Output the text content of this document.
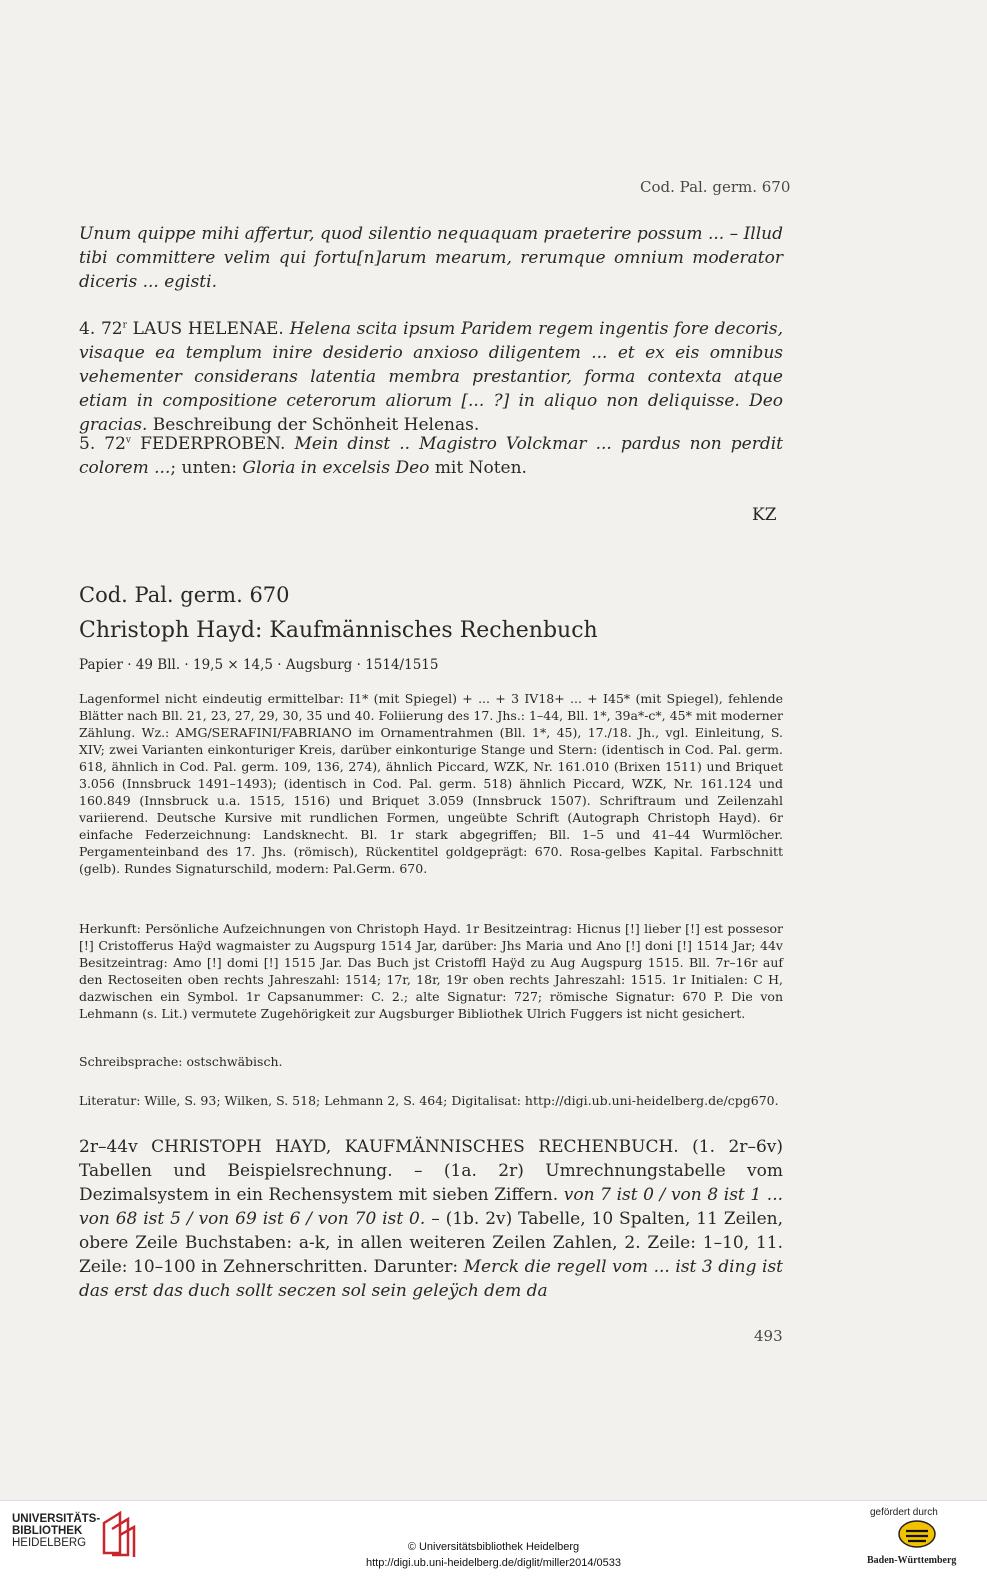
Cod. Pal. germ. 670
Unum quippe mihi affertur, quod silentio nequaquam praeterire possum ... – Illud tibi committere velim qui fortu[n]arum mearum, rerumque omnium moderator diceris ... egisti.
4. 72$^r$ LAUS HELENAE. Helena scita ipsum Paridem regem ingentis fore decoris, visaque ea templum inire desiderio anxioso diligentem ... et ex eis omnibus vehementer considerans latentia membra prestantior, forma contexta atque etiam in compositione ceterorum aliorum [... ?] in aliquo non deliquisse. Deo gracias. Beschreibung der Schönheit Helenas.
5. 72$^v$ FEDERPROBEN. Mein dinst .. Magistro Volckmar ... pardus non perdit colorem ...; unten: Gloria in excelsis Deo mit Noten.
KZ
Cod. Pal. germ. 670
Christoph Hayd: Kaufmännisches Rechenbuch
Papier · 49 Bll. · 19,5 × 14,5 · Augsburg · 1514/1515
Lagenformel nicht eindeutig ermittelbar: I1* (mit Spiegel) + ... + 3 IV18+ ... + I45* (mit Spiegel), fehlende Blätter nach Bll. 21, 23, 27, 29, 30, 35 und 40. Foliierung des 17. Jhs.: 1–44, Bll. 1*, 39a*-c*, 45* mit moderner Zählung. Wz.: AMG/SERAFINI/FABRIANO im Ornamentrahmen (Bll. 1*, 45), 17./18. Jh., vgl. Einleitung, S. XIV; zwei Varianten einkonturiger Kreis, darüber einkonturige Stange und Stern: (identisch in Cod. Pal. germ. 618, ähnlich in Cod. Pal. germ. 109, 136, 274), ähnlich Piccard, WZK, Nr. 161.010 (Brixen 1511) und Briquet 3.056 (Innsbruck 1491–1493); (identisch in Cod. Pal. germ. 518) ähnlich Piccard, WZK, Nr. 161.124 und 160.849 (Innsbruck u.a. 1515, 1516) und Briquet 3.059 (Innsbruck 1507). Schriftraum und Zeilenzahl variierend. Deutsche Kursive mit rundlichen Formen, ungeübte Schrift (Autograph Christoph Hayd). 6r einfache Federzeichnung: Landsknecht. Bl. 1r stark abgegriffen; Bll. 1–5 und 41–44 Wurmlöcher. Pergamenteinband des 17. Jhs. (römisch), Rückentitel goldgeprägt: 670. Rosa-gelbes Kapital. Farbschnitt (gelb). Rundes Signaturschild, modern: Pal.Germ. 670.
Herkunft: Persönliche Aufzeichnungen von Christoph Hayd. 1r Besitzeintrag: Hicnus [!] lieber [!] est possesor [!] Cristofferus Haÿd wagmaister zu Augspurg 1514 Jar, darüber: Jhs Maria und Ano [!] doni [!] 1514 Jar; 44v Besitzeintrag: Amo [!] domi [!] 1515 Jar. Das Buch jst Cristoffl Haÿd zu Aug Augspurg 1515. Bll. 7r–16r auf den Rectoseiten oben rechts Jahreszahl: 1514; 17r, 18r, 19r oben rechts Jahreszahl: 1515. 1r Initialen: C H, dazwischen ein Symbol. 1r Capsanummer: C. 2.; alte Signatur: 727; römische Signatur: 670 P. Die von Lehmann (s. Lit.) vermutete Zugehörigkeit zur Augsburger Bibliothek Ulrich Fuggers ist nicht gesichert.
Schreibsprache: ostschwäbisch.
Literatur: Wille, S. 93; Wilken, S. 518; Lehmann 2, S. 464; Digitalisat: http://digi.ub.uni-heidelberg.de/cpg670.
2r–44v CHRISTOPH HAYD, KAUFMÄNNISCHES RECHENBUCH. (1. 2r–6v) Tabellen und Beispielsrechnung. – (1a. 2r) Umrechnungstabelle vom Dezimalsystem in ein Rechensystem mit sieben Ziffern. von 7 ist 0 / von 8 ist 1 ... von 68 ist 5 / von 69 ist 6 / von 70 ist 0. – (1b. 2v) Tabelle, 10 Spalten, 11 Zeilen, obere Zeile Buchstaben: a-k, in allen weiteren Zeilen Zahlen, 2. Zeile: 1–10, 11. Zeile: 10–100 in Zehnerschritten. Darunter: Merck die regell vom ... ist 3 ding ist das erst das duch sollt seczen sol sein geleÿch dem da
493
UNIVERSITÄTS-
BIBLIOTHEK
HEIDELBERG	© Universitätsbibliothek Heidelberg
http://digi.ub.uni-heidelberg.de/diglit/miller2014/0533
gefördert durch
Baden-Württemberg
